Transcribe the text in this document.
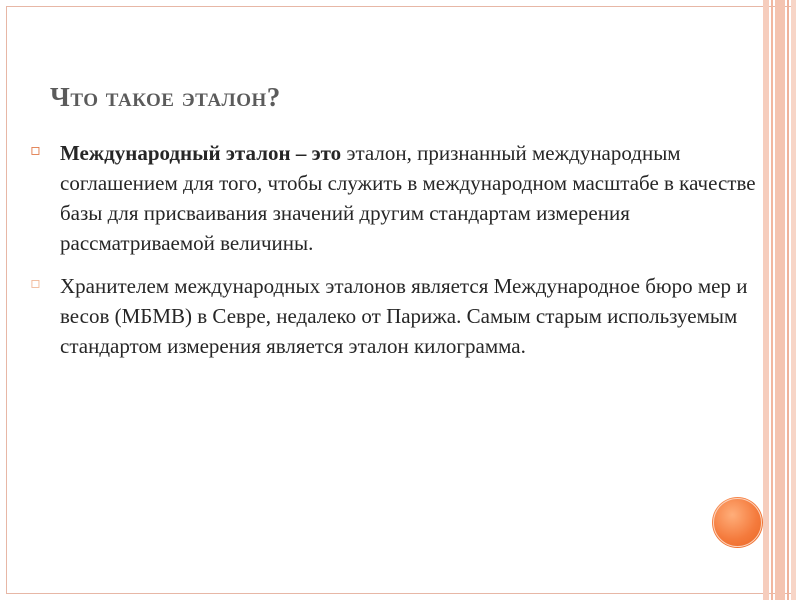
Что такое эталон?
▫ Международный эталон – это эталон, признанный международным соглашением для того, чтобы служить в международном масштабе в качестве базы для присваивания значений другим стандартам измерения рассматриваемой величины.
▫ Хранителем международных эталонов является Международное бюро мер и весов (МБМВ) в Севре, недалеко от Парижа. Самым старым используемым стандартом измерения является эталон килограмма.
